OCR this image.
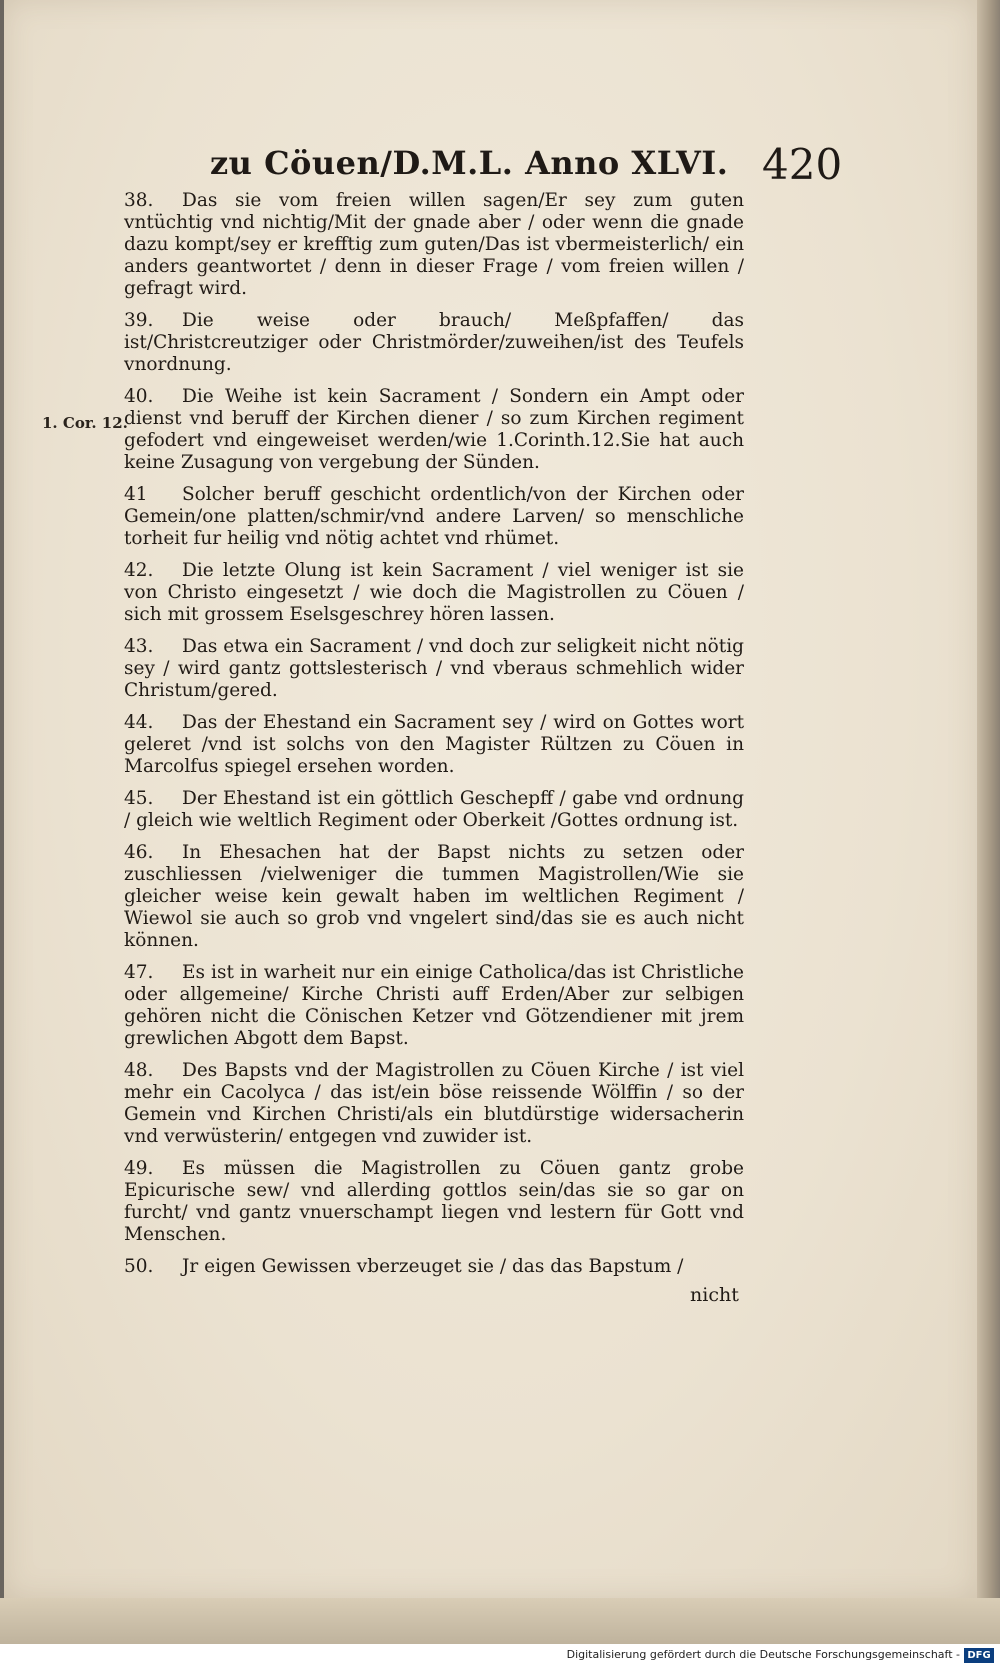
zu Cöuen/D.M.L. Anno XLVI. 420
1. Cor. 12.

38. Das sie vom freien willen sagen/Er sey zum guten vntüchtig vnd nichtig/Mit der gnade aber / oder wenn die gnade dazu kompt/sey er krefftig zum guten/Das ist vbermeisterlich/ ein anders geantwortet / denn in dieser Frage / vom freien willen / gefragt wird.

39. Die weise oder brauch/ Meßpfaffen/ das ist/Christcreutziger oder Christmörder/zuweihen/ist des Teufels vnordnung.

40. Die Weihe ist kein Sacrament / Sondern ein Ampt oder dienst vnd beruff der Kirchen diener / so zum Kirchen regiment gefodert vnd eingeweiset werden/wie 1.Corinth.12.Sie hat auch keine Zusagung von vergebung der Sünden.

41 Solcher beruff geschicht ordentlich/von der Kirchen oder Gemein/one platten/schmir/vnd andere Larven/ so menschliche torheit fur heilig vnd nötig achtet vnd rhümet.

42. Die letzte Olung ist kein Sacrament / viel weniger ist sie von Christo eingesetzt / wie doch die Magistrollen zu Cöuen / sich mit grossem Eselsgeschrey hören lassen.

43. Das etwa ein Sacrament / vnd doch zur seligkeit nicht nötig sey / wird gantz gottslesterisch / vnd vberaus schmehlich wider Christum/gered.

44. Das der Ehestand ein Sacrament sey / wird on Gottes wort geleret /vnd ist solchs von den Magister Rültzen zu Cöuen in Marcolfus spiegel ersehen worden.

45. Der Ehestand ist ein göttlich Geschepff / gabe vnd ordnung / gleich wie weltlich Regiment oder Oberkeit /Gottes ordnung ist.

46. In Ehesachen hat der Bapst nichts zu setzen oder zuschliessen /vielweniger die tummen Magistrollen/Wie sie gleicher weise kein gewalt haben im weltlichen Regiment / Wiewol sie auch so grob vnd vngelert sind/das sie es auch nicht können.

47. Es ist in warheit nur ein einige Catholica/das ist Christliche oder allgemeine/ Kirche Christi auff Erden/Aber zur selbigen gehören nicht die Cönischen Ketzer vnd Götzendiener mit jrem grewlichen Abgott dem Bapst.

48. Des Bapsts vnd der Magistrollen zu Cöuen Kirche / ist viel mehr ein Cacolyca / das ist/ein böse reissende Wölffin / so der Gemein vnd Kirchen Christi/als ein blutdürstige widersacherin vnd verwüsterin/ entgegen vnd zuwider ist.

49. Es müssen die Magistrollen zu Cöuen gantz grobe Epicurische sew/ vnd allerding gottlos sein/das sie so gar on furcht/ vnd gantz vnuerschampt liegen vnd lestern für Gott vnd Menschen.

50. Jr eigen Gewissen vberzeuget sie / das das Bapstum /

nicht
Digitalisierung gefördert durch die Deutsche Forschungsgemeinschaft - DFG
